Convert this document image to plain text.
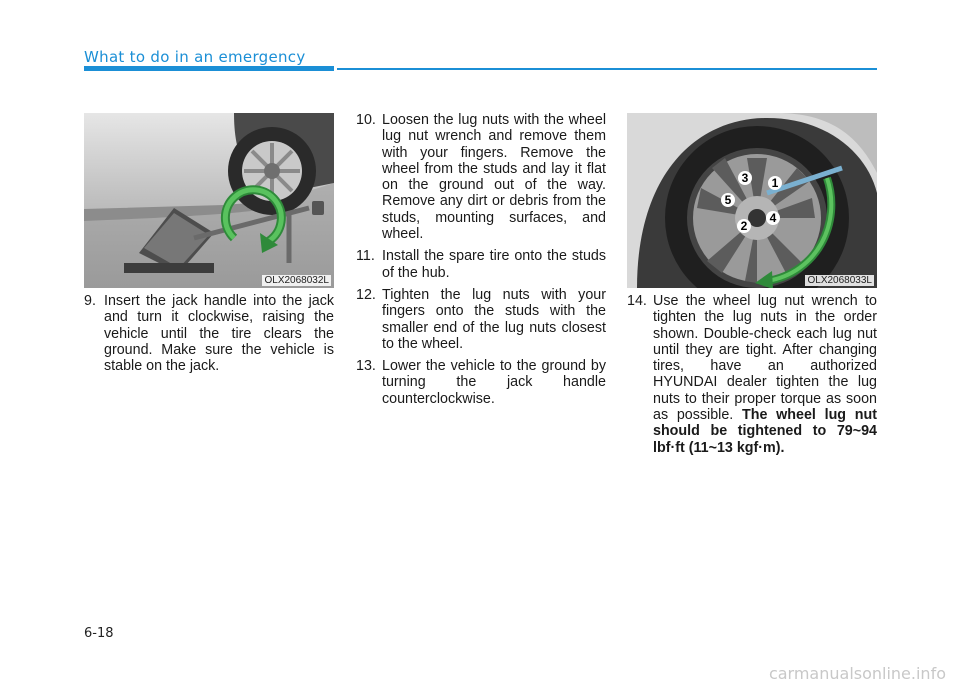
What to do in an emergency
OLX2068032L
1
2
3
4
5
OLX2068033L
9. Insert the jack handle into the jack and turn it clockwise, raising the vehicle until the tire clears the ground. Make sure the vehicle is stable on the jack.
10. Loosen the lug nuts with the wheel lug nut wrench and remove them with your fingers. Remove the wheel from the studs and lay it flat on the ground out of the way. Remove any dirt or debris from the studs, mounting surfaces, and wheel.
11. Install the spare tire onto the studs of the hub.
12. Tighten the lug nuts with your fingers onto the studs with the smaller end of the lug nuts closest to the wheel.
13. Lower the vehicle to the ground by turning the jack handle counterclockwise.
14. Use the wheel lug nut wrench to tighten the lug nuts in the order shown. Double-check each lug nut until they are tight. After changing tires, have an authorized HYUNDAI dealer tighten the lug nuts to their proper torque as soon as possible. The wheel lug nut should be tightened to 79~94 lbf·ft (11~13 kgf·m).
6-18
carmanualsonline.info
